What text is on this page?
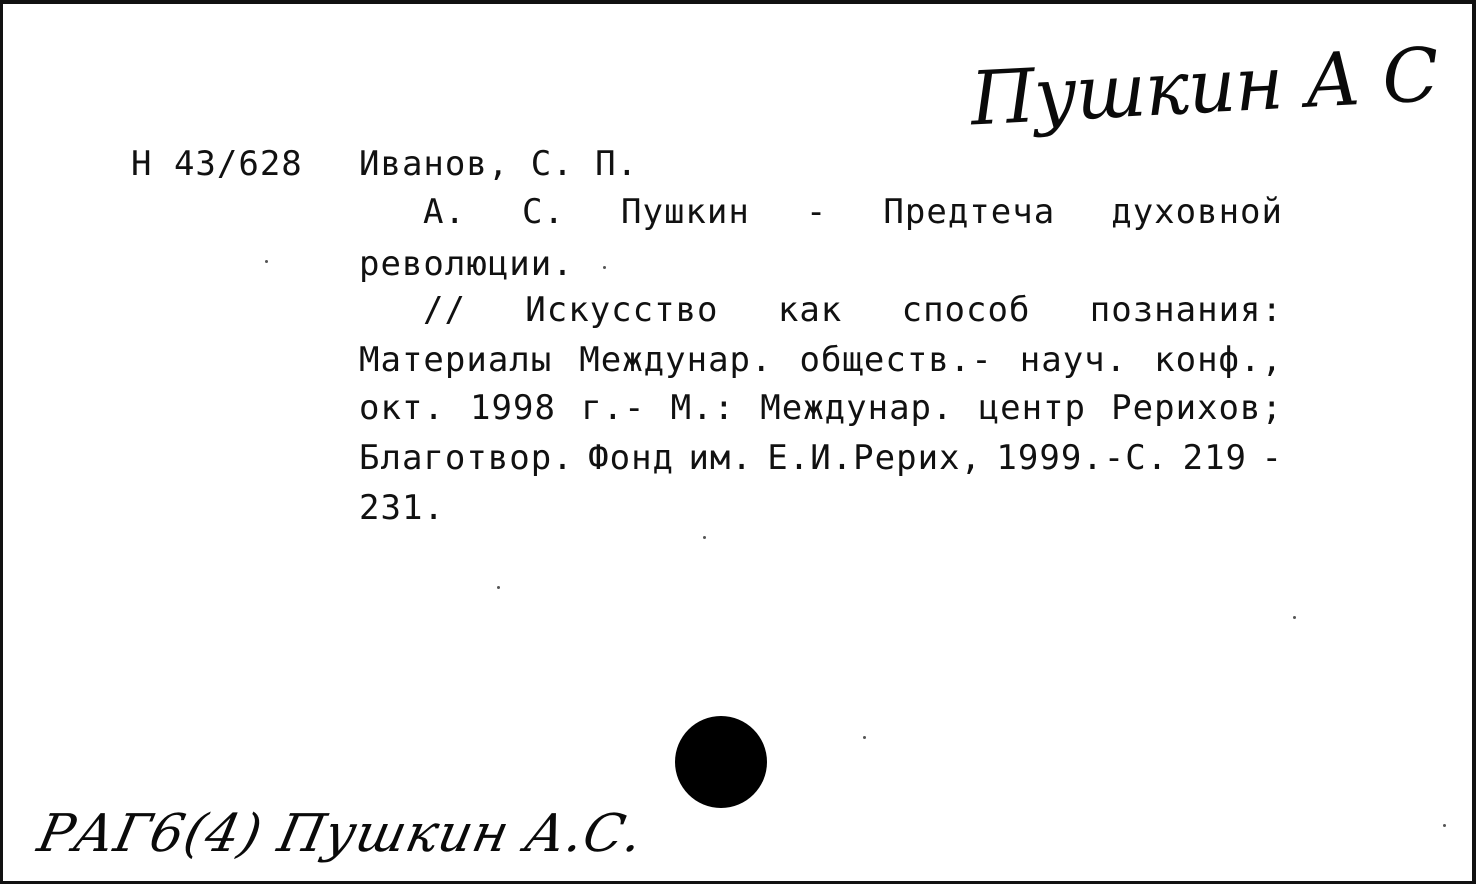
Пушкин А С
Н 43/628 Иванов, С. П.
А. С. Пушкин - Предтеча духовной
революции.
// Искусство как способ познания:
Материалы Междунар. обществ.- науч. конф.,
окт. 1998 г.- М.: Междунар. центр Рерихов;
Благотвор. Фонд им. Е.И.Рерих, 1999.-С. 219 -
231.
РАГ6(4) Пушкин А.С.
